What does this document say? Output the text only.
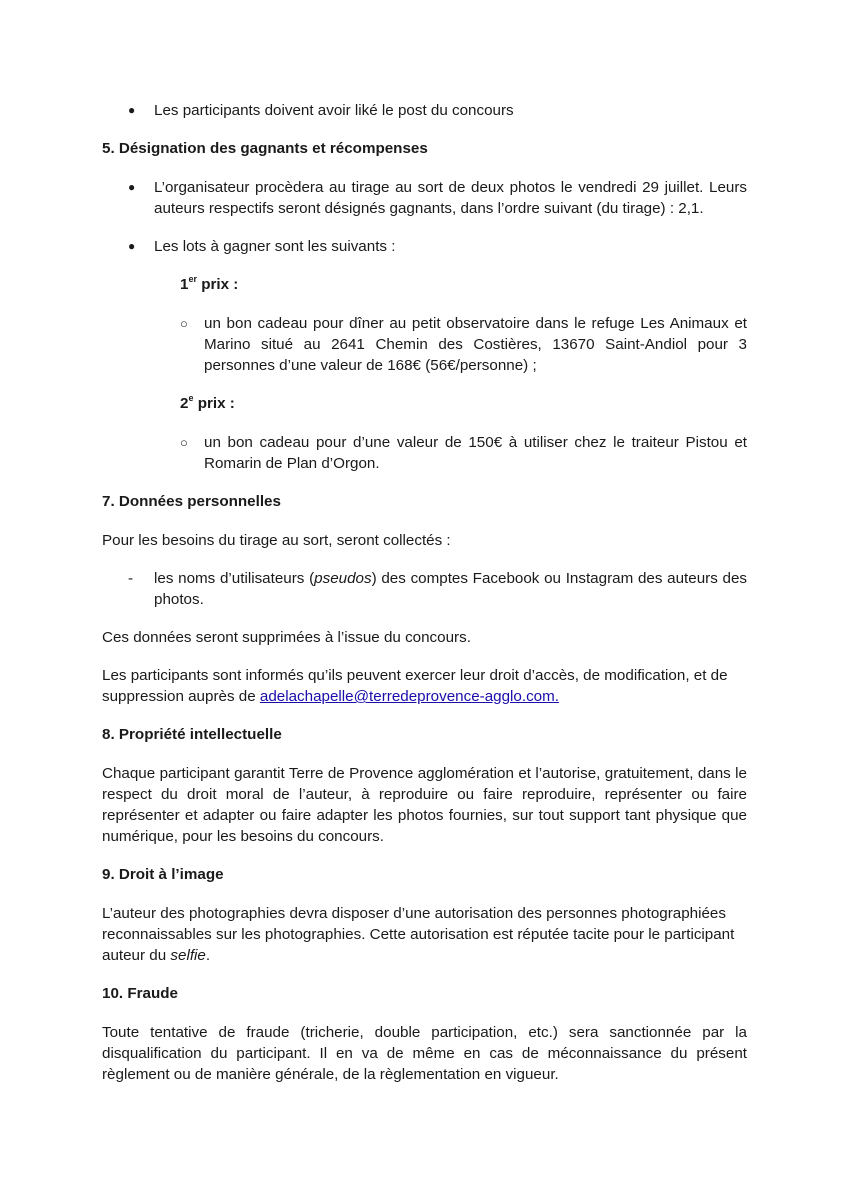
● Les participants doivent avoir liké le post du concours

5. Désignation des gagnants et récompenses

● L’organisateur procèdera au tirage au sort de deux photos le vendredi 29 juillet. Leurs auteurs respectifs seront désignés gagnants, dans l’ordre suivant (du tirage) : 2,1.

● Les lots à gagner sont les suivants :

1er prix :

○ un bon cadeau pour dîner au petit observatoire dans le refuge Les Animaux et Marino situé au 2641 Chemin des Costières, 13670 Saint-Andiol pour 3 personnes d’une valeur de 168€ (56€/personne) ;

2e prix :

○ un bon cadeau pour d’une valeur de 150€ à utiliser chez le traiteur Pistou et Romarin de Plan d’Orgon.

7. Données personnelles

Pour les besoins du tirage au sort, seront collectés :

- les noms d’utilisateurs (pseudos) des comptes Facebook ou Instagram des auteurs des photos.

Ces données seront supprimées à l’issue du concours.

Les participants sont informés qu’ils peuvent exercer leur droit d’accès, de modification, et de suppression auprès de adelachapelle@terredeprovence-agglo.com.

8. Propriété intellectuelle

Chaque participant garantit Terre de Provence agglomération et l’autorise, gratuitement, dans le respect du droit moral de l’auteur, à reproduire ou faire reproduire, représenter ou faire représenter et adapter ou faire adapter les photos fournies, sur tout support tant physique que numérique, pour les besoins du concours.

9. Droit à l’image

L’auteur des photographies devra disposer d’une autorisation des personnes photographiées reconnaissables sur les photographies. Cette autorisation est réputée tacite pour le participant auteur du selfie.

10. Fraude

Toute tentative de fraude (tricherie, double participation, etc.) sera sanctionnée par la disqualification du participant. Il en va de même en cas de méconnaissance du présent règlement ou de manière générale, de la règlementation en vigueur.
